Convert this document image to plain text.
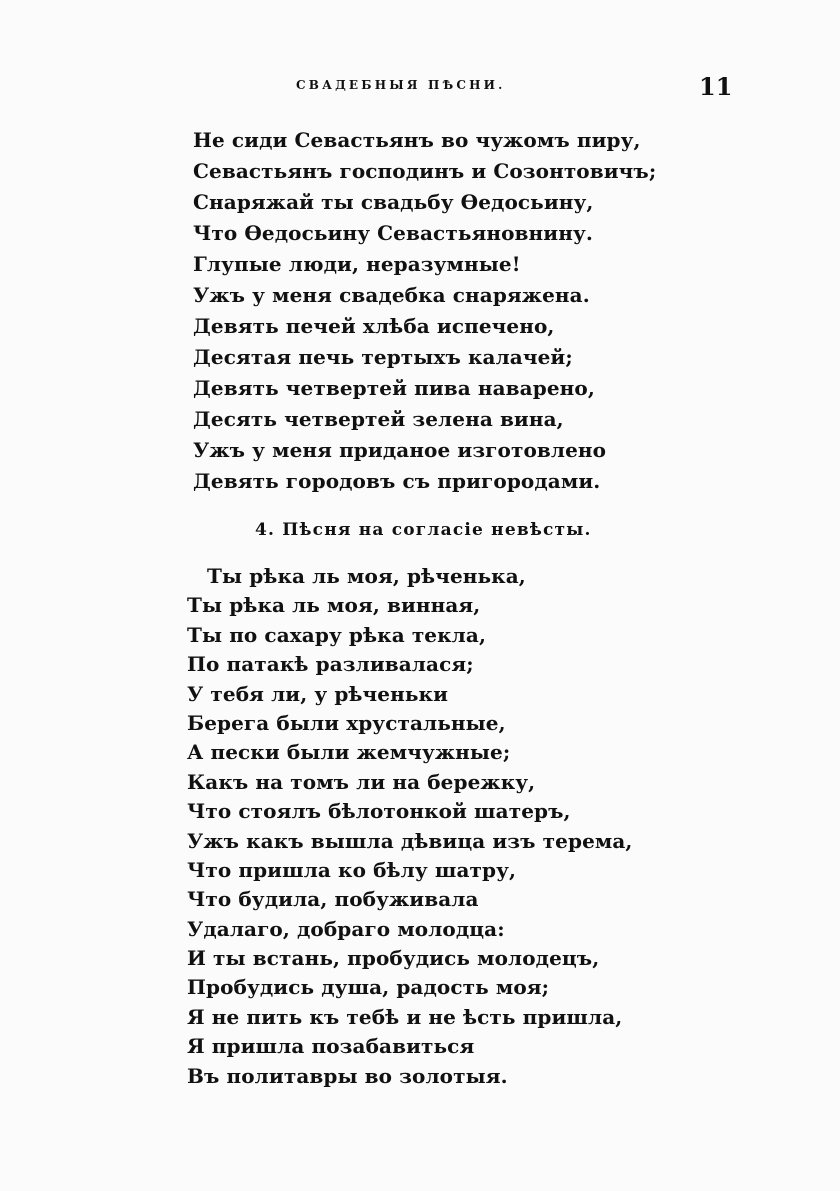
СВАДЕБНЫЯ ПѢСНИ.	11
Не сиди Севастьянъ во чужомъ пиру,
Севастьянъ господинъ и Созонтовичъ;
Снаряжай ты свадьбу Ѳедосьину,
Что Ѳедосьину Севастьяновнину.
Глупые люди, неразумные!
Ужъ у меня свадебка снаряжена.
Девять печей хлѣба испечено,
Десятая печь тертыхъ калачей;
Девять четвертей пива наварено,
Десять четвертей зелена вина,
Ужъ у меня приданое изготовлено
Девять городовъ съ пригородами.
4. Пѣсня на согласіе невѣсты.
Ты рѣка ль моя, рѣченька,
Ты рѣка ль моя, винная,
Ты по сахару рѣка текла,
По патакѣ разливалася;
У тебя ли, у рѣченьки
Берега были хрустальные,
А пески были жемчужные;
Какъ на томъ ли на бережку,
Что стоялъ бѣлотонкой шатеръ,
Ужъ какъ вышла дѣвица изъ терема,
Что пришла ко бѣлу шатру,
Что будила, побуживала
Удалаго, добраго молодца:
И ты встань, пробудись молодецъ,
Пробудись душа, радость моя;
Я не пить къ тебѣ и не ѣсть пришла,
Я пришла позабавиться
Въ политавры во золотыя.
